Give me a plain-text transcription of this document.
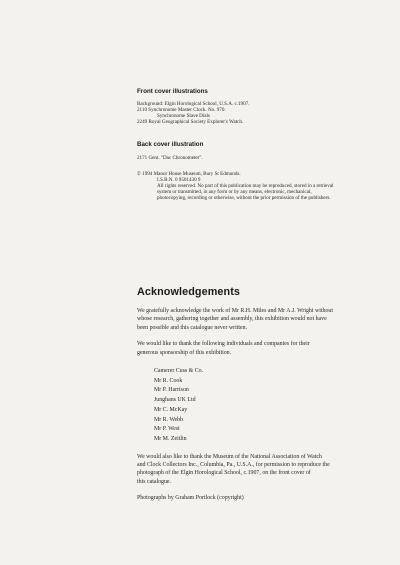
Front cover illustrations

Background: Elgin Horological School, U.S.A. c.1907.
2110 Synchronome Master Clock. No. 970.
Synchronome Slave Dials
2249 Royal Geographical Society Explorer's Watch.

Back cover illustration

2171 Gent. "Dac Chronometer".
© 1994 Manor House Museum, Bury St Edmunds.
I.S.B.N. 0 9501430 9
All rights reserved. No part of this publication may be reproduced, stored in a retrieval
system or transmitted, in any form or by any means, electronic, mechanical,
photocopying, recording or otherwise, without the prior permission of the publishers.

Acknowledgements

We gratefully acknowledge the work of Mr R.H. Miles and Mr A.J. Wright without
whose research, gathering together and assembly, this exhibition would not have
been possible and this catalogue never written.
We would like to thank the following individuals and companies for their
generous sponsorship of this exhibition.
Camerer Cuss & Co.
Mr R. Cook
Mr P. Harrison
Junghans UK Ltd
Mr C. McKay
Mr R. Webb
Mr P. West
Mr M. Zeitlin
We would also like to thank the Museum of the National Association of Watch
and Clock Collectors Inc., Columbia, Pa., U.S.A., for permission to reproduce the
photograph of the Elgin Horological School, c.1907, on the front cover of
this catalogue.
Photographs by Graham Portlock (copyright)
